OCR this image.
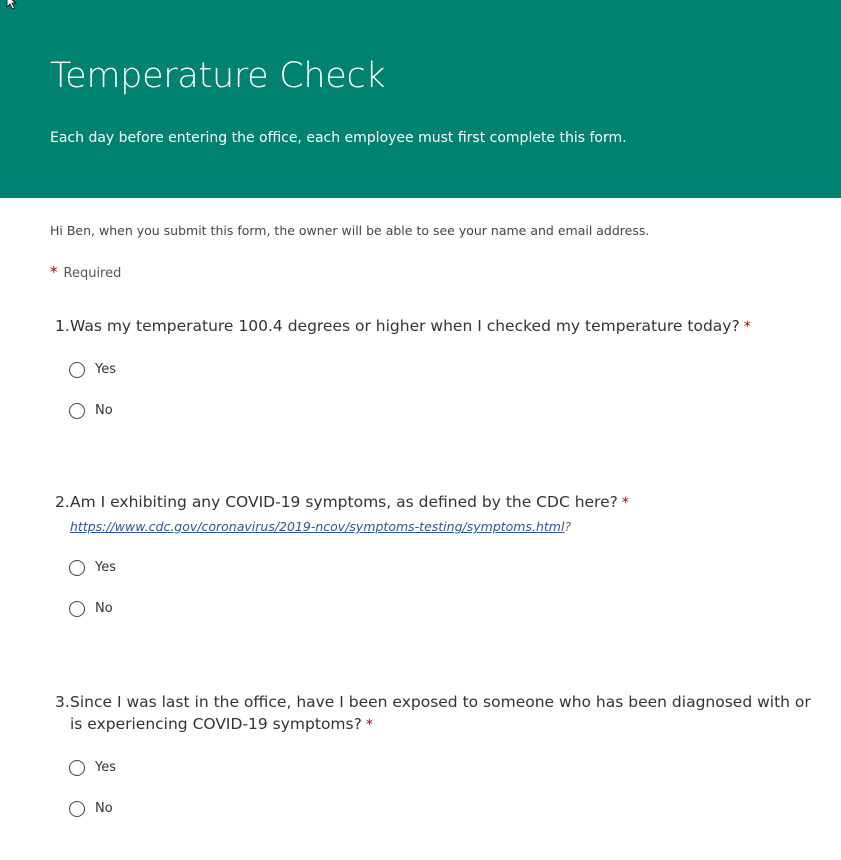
Temperature Check

Each day before entering the office, each employee must first complete this form.

Hi Ben, when you submit this form, the owner will be able to see your name and email address.
* Required
1. Was my temperature 100.4 degrees or higher when I checked my temperature today? *
Yes
No
2. Am I exhibiting any COVID-19 symptoms, as defined by the CDC here? *
https://www.cdc.gov/coronavirus/2019-ncov/symptoms-testing/symptoms.html?
Yes
No
3. Since I was last in the office, have I been exposed to someone who has been diagnosed with or is experiencing COVID-19 symptoms? *
Yes
No
